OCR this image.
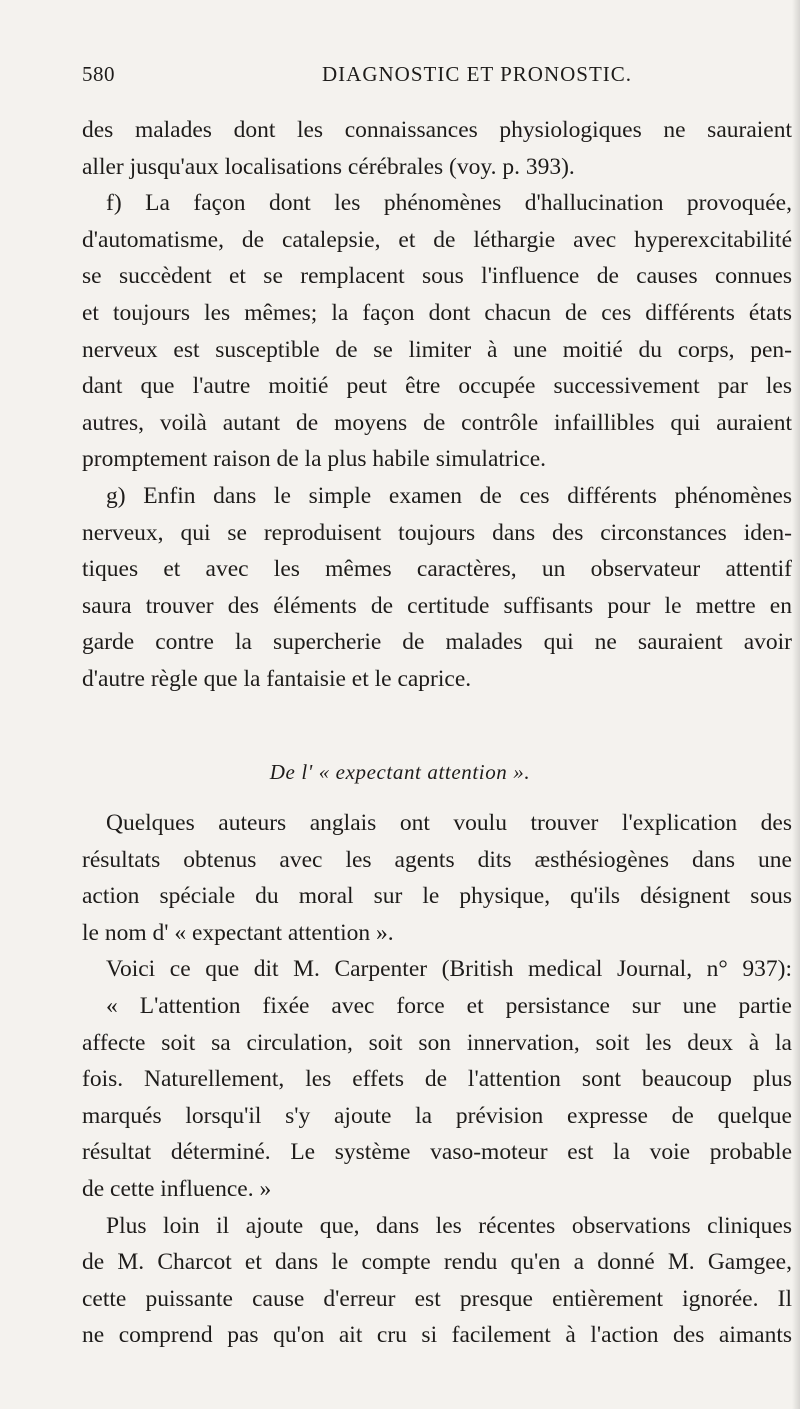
580	DIAGNOSTIC ET PRONOSTIC.
des malades dont les connaissances physiologiques ne sauraient
aller jusqu'aux localisations cérébrales (voy. p. 393).
f) La façon dont les phénomènes d'hallucination provoquée,
d'automatisme, de catalepsie, et de léthargie avec hyperexcitabilité
se succèdent et se remplacent sous l'influence de causes connues
et toujours les mêmes; la façon dont chacun de ces différents états
nerveux est susceptible de se limiter à une moitié du corps, pen-
dant que l'autre moitié peut être occupée successivement par les
autres, voilà autant de moyens de contrôle infaillibles qui auraient
promptement raison de la plus habile simulatrice.
g) Enfin dans le simple examen de ces différents phénomènes
nerveux, qui se reproduisent toujours dans des circonstances iden-
tiques et avec les mêmes caractères, un observateur attentif
saura trouver des éléments de certitude suffisants pour le mettre en
garde contre la supercherie de malades qui ne sauraient avoir
d'autre règle que la fantaisie et le caprice.
De l' « expectant attention ».
Quelques auteurs anglais ont voulu trouver l'explication des
résultats obtenus avec les agents dits æsthésiogènes dans une
action spéciale du moral sur le physique, qu'ils désignent sous
le nom d' « expectant attention ».
Voici ce que dit M. Carpenter (British medical Journal, n° 937):
« L'attention fixée avec force et persistance sur une partie
affecte soit sa circulation, soit son innervation, soit les deux à la
fois. Naturellement, les effets de l'attention sont beaucoup plus
marqués lorsqu'il s'y ajoute la prévision expresse de quelque
résultat déterminé. Le système vaso-moteur est la voie probable
de cette influence. »
Plus loin il ajoute que, dans les récentes observations cliniques
de M. Charcot et dans le compte rendu qu'en a donné M. Gamgee,
cette puissante cause d'erreur est presque entièrement ignorée. Il
ne comprend pas qu'on ait cru si facilement à l'action des aimants
